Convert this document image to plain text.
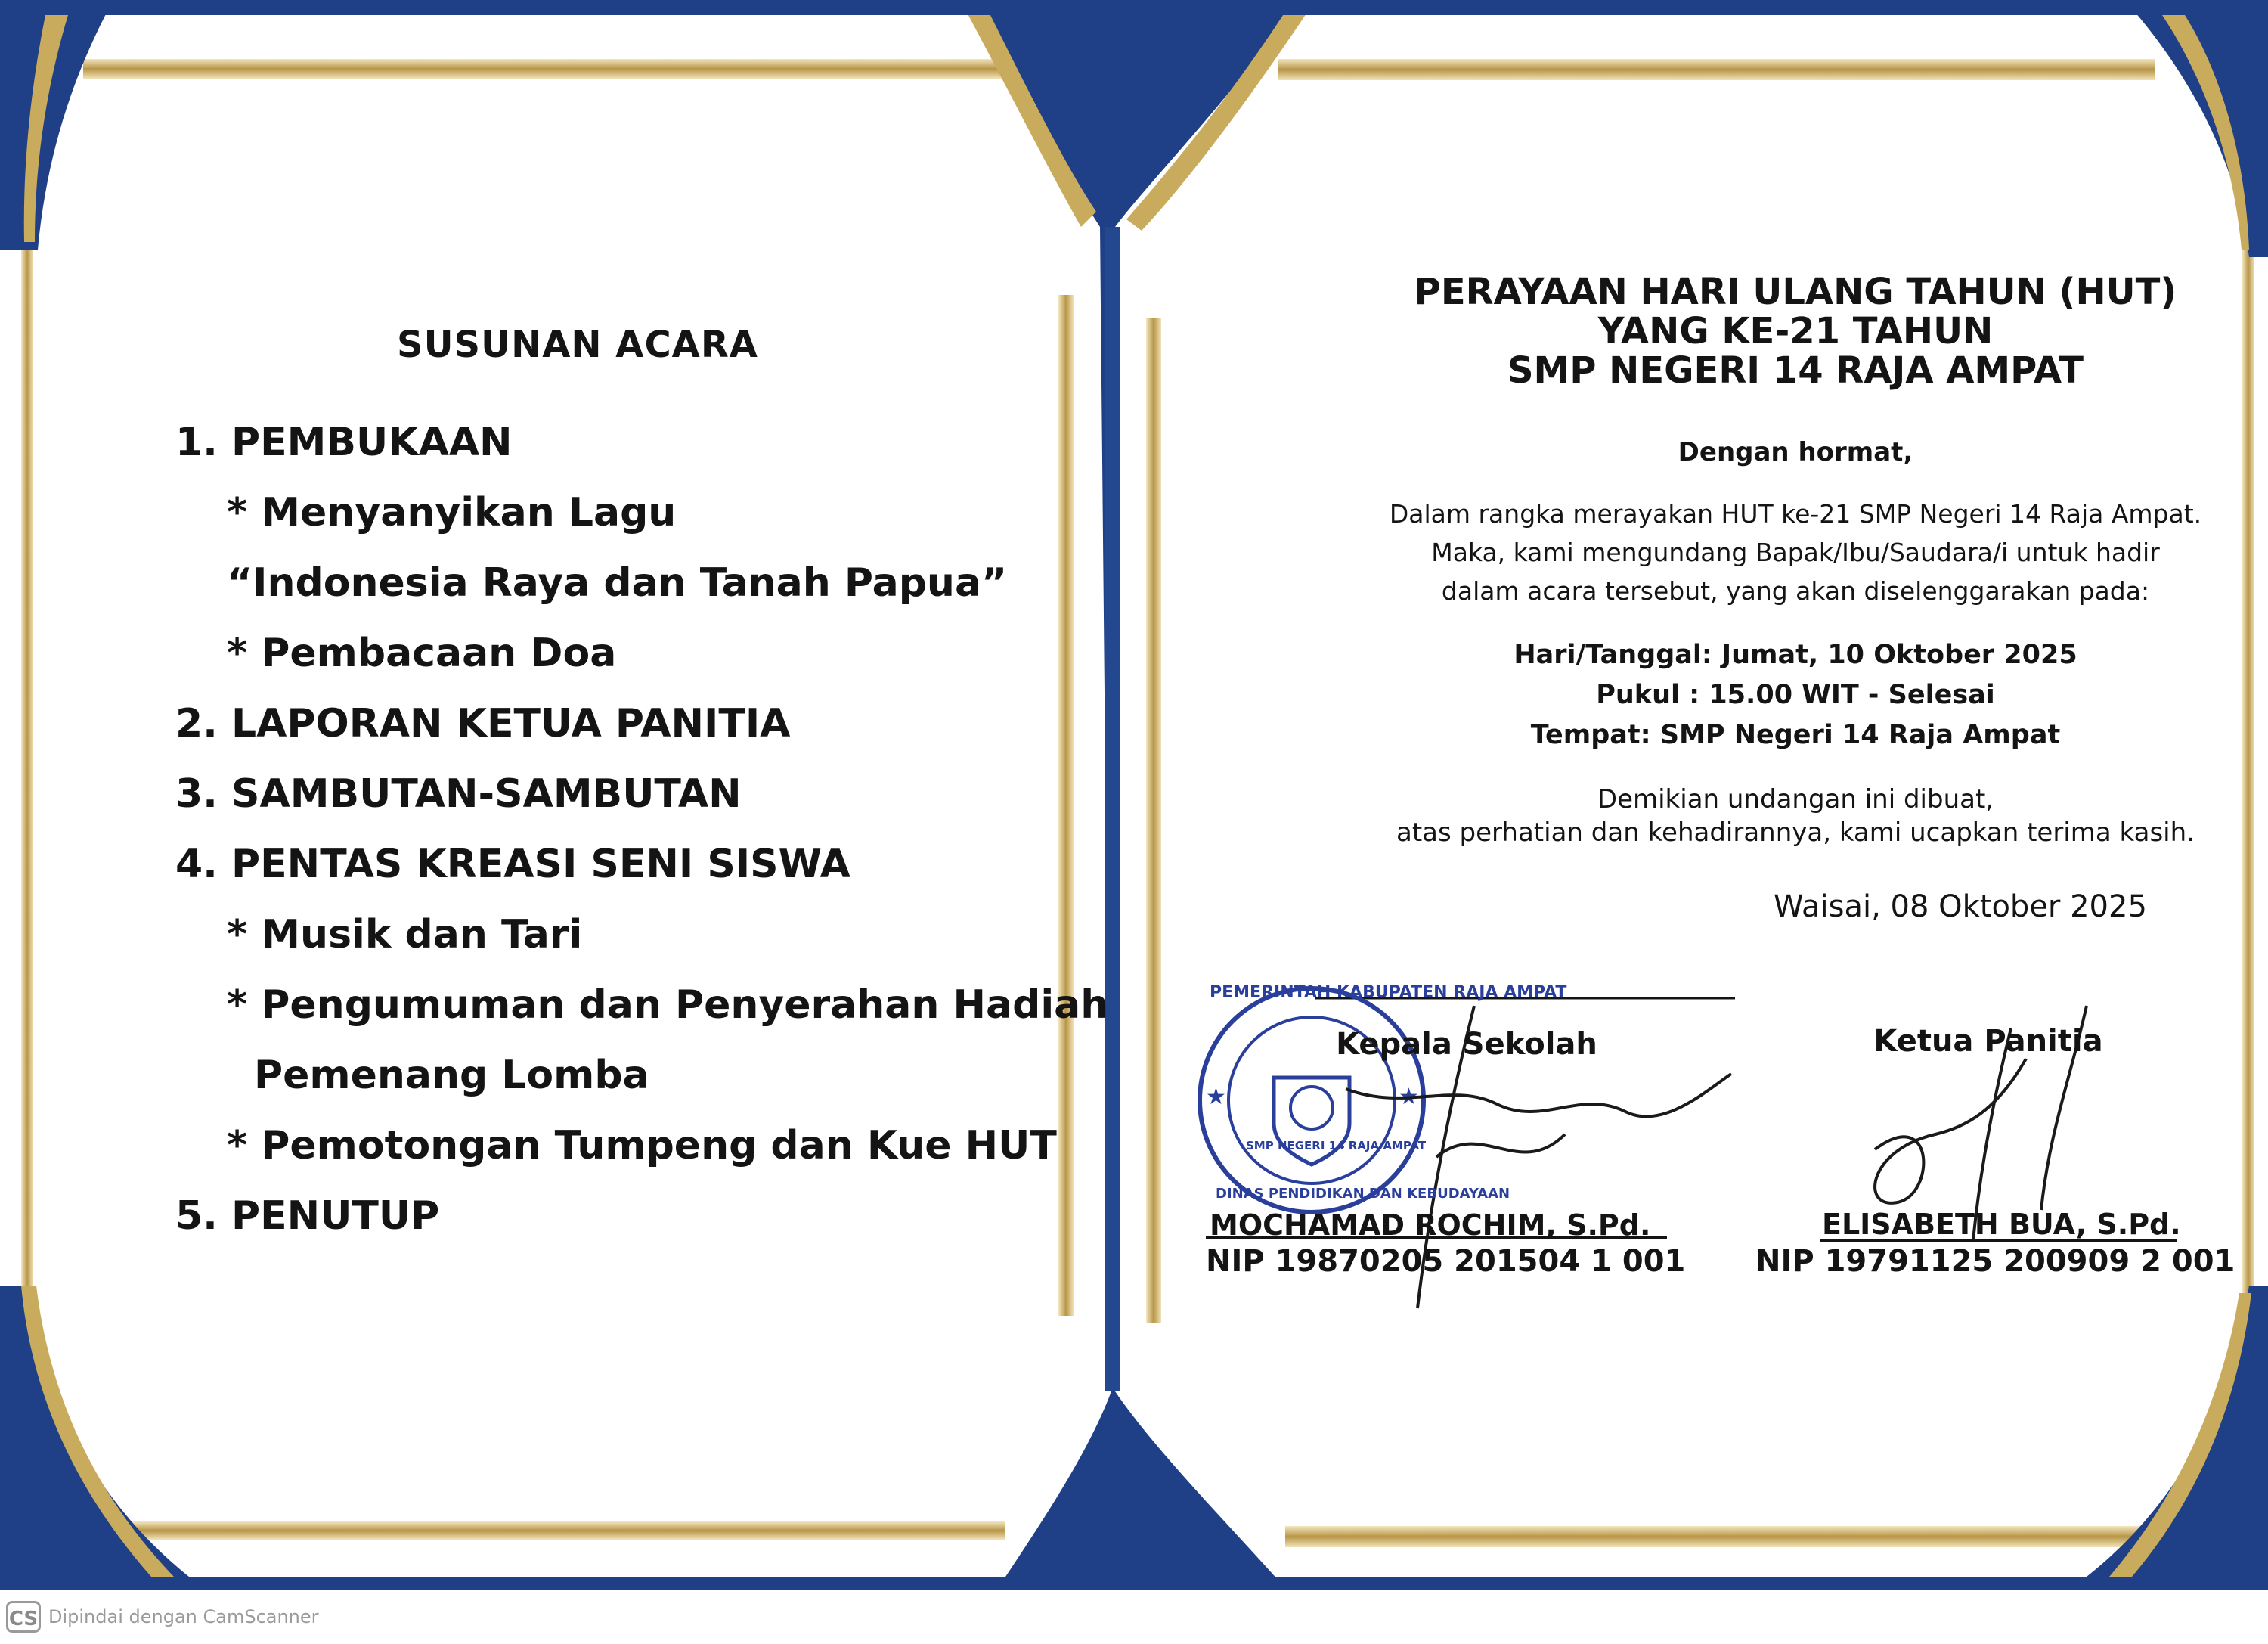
★	★
SUSUNAN ACARA
1. PEMBUKAAN
* Menyanyikan Lagu
“Indonesia Raya dan Tanah Papua”
* Pembacaan Doa
2. LAPORAN KETUA PANITIA
3. SAMBUTAN-SAMBUTAN
4. PENTAS KREASI SENI SISWA
* Musik dan Tari
* Pengumuman dan Penyerahan Hadiah
Pemenang Lomba
* Pemotongan Tumpeng dan Kue HUT
5. PENUTUP
PERAYAAN HARI ULANG TAHUN (HUT)
YANG KE-21 TAHUN
SMP NEGERI 14 RAJA AMPAT
Dengan hormat,
Dalam rangka merayakan HUT ke-21 SMP Negeri 14 Raja Ampat.
Maka, kami mengundang Bapak/Ibu/Saudara/i untuk hadir
dalam acara tersebut, yang akan diselenggarakan pada:
Hari/Tanggal: Jumat, 10 Oktober 2025
Pukul : 15.00 WIT - Selesai
Tempat: SMP Negeri 14 Raja Ampat
Demikian undangan ini dibuat,
atas perhatian dan kehadirannya, kami ucapkan terima kasih.
Waisai, 08 Oktober 2025
Kepala Sekolah	Ketua Panitia
MOCHAMAD ROCHIM, S.Pd.
NIP 19870205 201504 1 001
ELISABETH BUA, S.Pd.
NIP 19791125 200909 2 001
PEMERINTAH KABUPATEN RAJA AMPAT
SMP NEGERI 14 RAJA AMPAT
DINAS PENDIDIKAN DAN KEBUDAYAAN
CS Dipindai dengan CamScanner
